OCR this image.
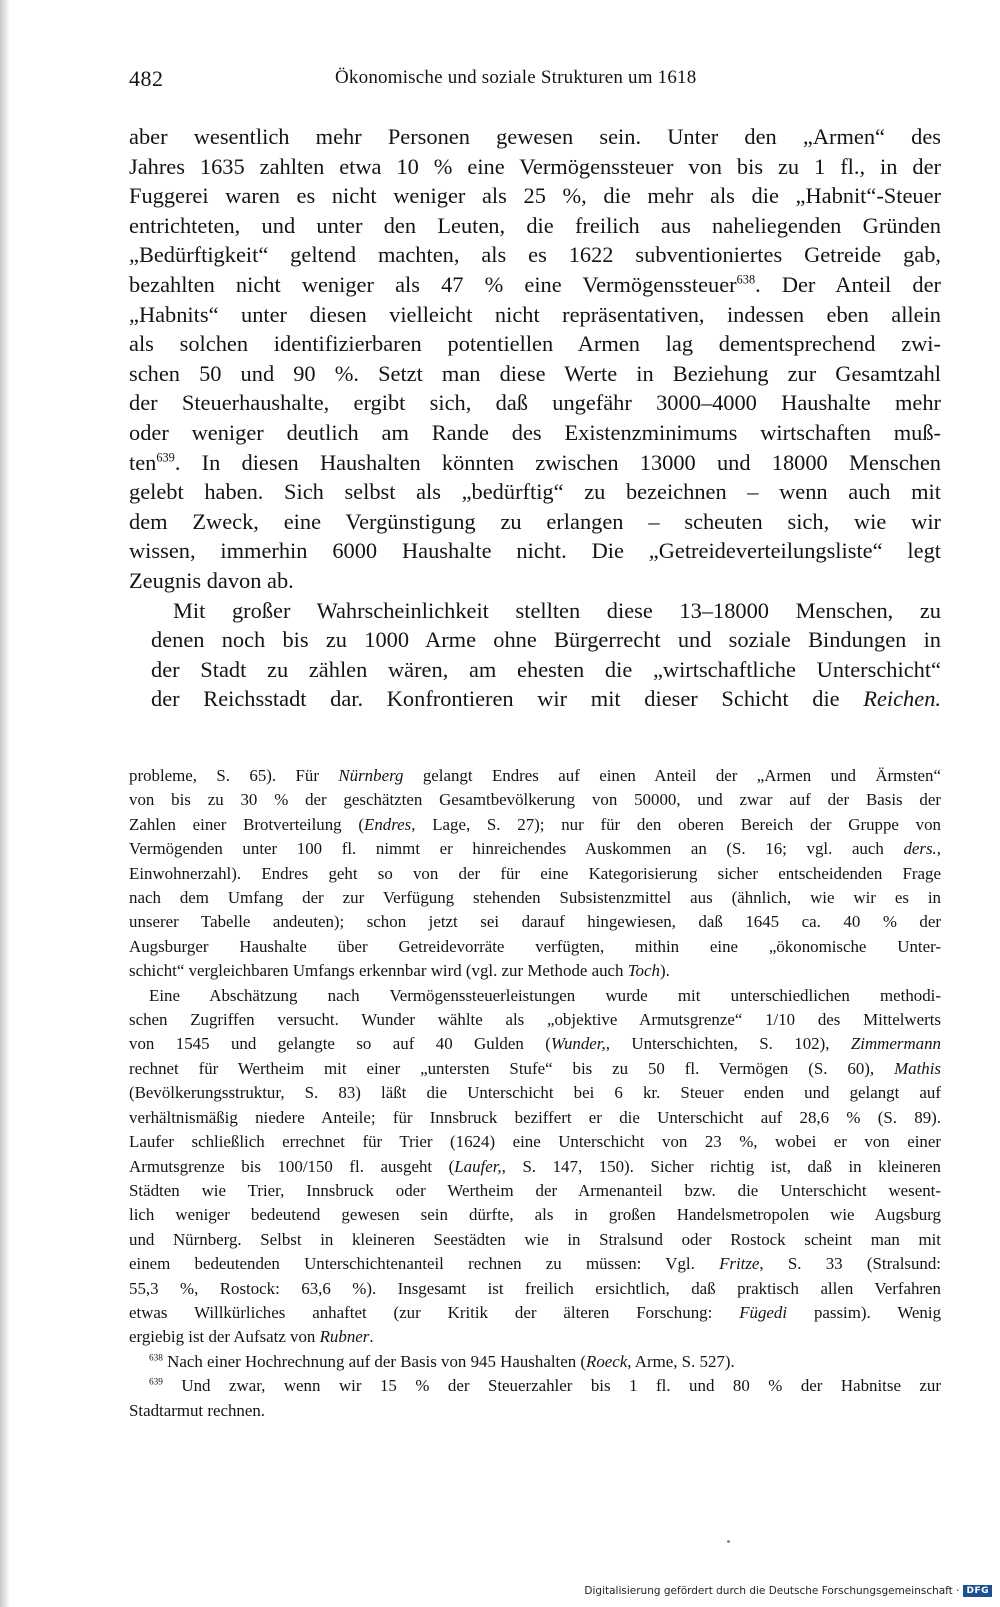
482	Ökonomische und soziale Strukturen um 1618

aber wesentlich mehr Personen gewesen sein. Unter den „Armen“ des
Jahres 1635 zahlten etwa 10 % eine Vermögenssteuer von bis zu 1 fl., in der
Fuggerei waren es nicht weniger als 25 %, die mehr als die „Habnit“-Steuer
entrichteten, und unter den Leuten, die freilich aus naheliegenden Gründen
„Bedürftigkeit“ geltend machten, als es 1622 subventioniertes Getreide gab,
bezahlten nicht weniger als 47 % eine Vermögenssteuer$^{638}$. Der Anteil der
„Habnits“ unter diesen vielleicht nicht repräsentativen, indessen eben allein
als solchen identifizierbaren potentiellen Armen lag dementsprechend zwi-
schen 50 und 90 %. Setzt man diese Werte in Beziehung zur Gesamtzahl
der Steuerhaushalte, ergibt sich, daß ungefähr 3000–4000 Haushalte mehr
oder weniger deutlich am Rande des Existenzminimums wirtschaften muß-
ten$^{639}$. In diesen Haushalten könnten zwischen 13000 und 18000 Menschen
gelebt haben. Sich selbst als „bedürftig“ zu bezeichnen – wenn auch mit
dem Zweck, eine Vergünstigung zu erlangen – scheuten sich, wie wir
wissen, immerhin 6000 Haushalte nicht. Die „Getreideverteilungsliste“ legt
Zeugnis davon ab.

Mit großer Wahrscheinlichkeit stellten diese 13–18000 Menschen, zu
denen noch bis zu 1000 Arme ohne Bürgerrecht und soziale Bindungen in
der Stadt zu zählen wären, am ehesten die „wirtschaftliche Unterschicht“
der Reichsstadt dar. Konfrontieren wir mit dieser Schicht die Reichen.

probleme, S. 65). Für Nürnberg gelangt Endres auf einen Anteil der „Armen und Ärmsten“
von bis zu 30 % der geschätzten Gesamtbevölkerung von 50000, und zwar auf der Basis der
Zahlen einer Brotverteilung (Endres, Lage, S. 27); nur für den oberen Bereich der Gruppe von
Vermögenden unter 100 fl. nimmt er hinreichendes Auskommen an (S. 16; vgl. auch ders.,
Einwohnerzahl). Endres geht so von der für eine Kategorisierung sicher entscheidenden Frage
nach dem Umfang der zur Verfügung stehenden Subsistenzmittel aus (ähnlich, wie wir es in
unserer Tabelle andeuten); schon jetzt sei darauf hingewiesen, daß 1645 ca. 40 % der
Augsburger Haushalte über Getreidevorräte verfügten, mithin eine „ökonomische Unter-
schicht“ vergleichbaren Umfangs erkennbar wird (vgl. zur Methode auch Toch).

Eine Abschätzung nach Vermögenssteuerleistungen wurde mit unterschiedlichen methodi-
schen Zugriffen versucht. Wunder wählte als „objektive Armutsgrenze“ 1/10 des Mittelwerts
von 1545 und gelangte so auf 40 Gulden (Wunder,, Unterschichten, S. 102), Zimmermann
rechnet für Wertheim mit einer „untersten Stufe“ bis zu 50 fl. Vermögen (S. 60), Mathis
(Bevölkerungsstruktur, S. 83) läßt die Unterschicht bei 6 kr. Steuer enden und gelangt auf
verhältnismäßig niedere Anteile; für Innsbruck beziffert er die Unterschicht auf 28,6 % (S. 89).
Laufer schließlich errechnet für Trier (1624) eine Unterschicht von 23 %, wobei er von einer
Armutsgrenze bis 100/150 fl. ausgeht (Laufer,, S. 147, 150). Sicher richtig ist, daß in kleineren
Städten wie Trier, Innsbruck oder Wertheim der Armenanteil bzw. die Unterschicht wesent-
lich weniger bedeutend gewesen sein dürfte, als in großen Handelsmetropolen wie Augsburg
und Nürnberg. Selbst in kleineren Seestädten wie in Stralsund oder Rostock scheint man mit
einem bedeutenden Unterschichtenanteil rechnen zu müssen: Vgl. Fritze, S. 33 (Stralsund:
55,3 %, Rostock: 63,6 %). Insgesamt ist freilich ersichtlich, daß praktisch allen Verfahren
etwas Willkürliches anhaftet (zur Kritik der älteren Forschung: Fügedi passim). Wenig
ergiebig ist der Aufsatz von Rubner.

$^{638}$ Nach einer Hochrechnung auf der Basis von 945 Haushalten (Roeck, Arme, S. 527).

$^{639}$ Und zwar, wenn wir 15 % der Steuerzahler bis 1 fl. und 80 % der Habnitse zur
Stadtarmut rechnen.

Digitalisierung gefördert durch die Deutsche Forschungsgemeinschaft · DFG
